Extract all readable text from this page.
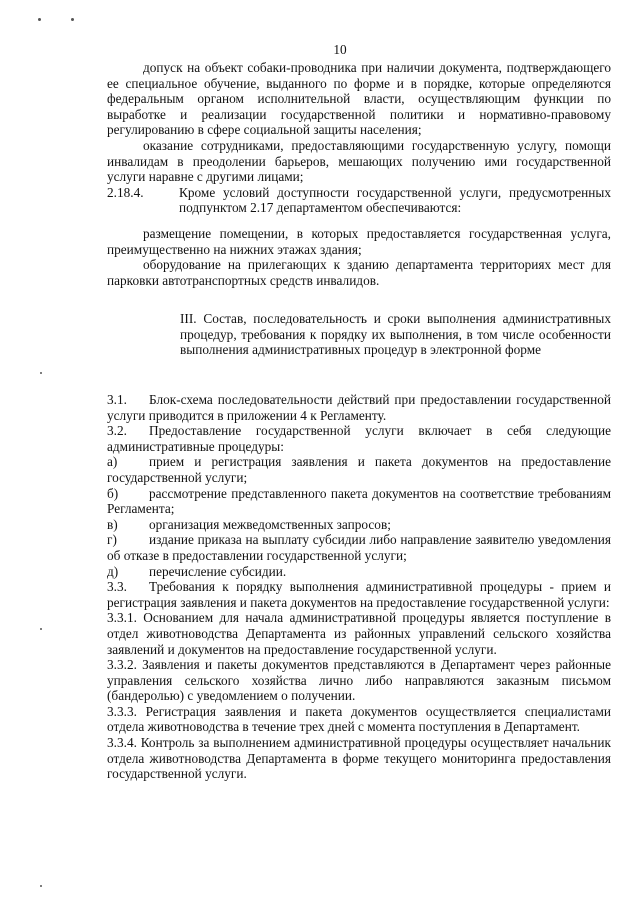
10

допуск на объект собаки-проводника при наличии документа, подтверждающего ее специальное обучение, выданного по форме и в порядке, которые определяются федеральным органом исполнительной власти, осуществляющим функции по выработке и реализации государственной политики и нормативно-правовому регулированию в сфере социальной защиты населения;

оказание сотрудниками, предоставляющими государственную услугу, помощи инвалидам в преодолении барьеров, мешающих получению ими государственной услуги наравне с другими лицами;

2.18.4.	Кроме условий доступности государственной услуги, предусмотренных подпунктом 2.17 департаментом обеспечиваются:

размещение помещении, в которых предоставляется государственная услуга, преимущественно на нижних этажах здания;

оборудование на прилегающих к зданию департамента территориях мест для парковки автотранспортных средств инвалидов.

III. Состав, последовательность и сроки выполнения административных процедур, требования к порядку их выполнения, в том числе особенности выполнения административных процедур в электронной форме

3.1. Блок-схема последовательности действий при предоставлении государственной услуги приводится в приложении 4 к Регламенту.

3.2. Предоставление государственной услуги включает в себя следующие административные процедуры:

а) прием и регистрация заявления и пакета документов на предоставление государственной услуги;

б) рассмотрение представленного пакета документов на соответствие требованиям Регламента;

в) организация межведомственных запросов;

г) издание приказа на выплату субсидии либо направление заявителю уведомления об отказе в предоставлении государственной услуги;

д) перечисление субсидии.

3.3. Требования к порядку выполнения административной процедуры - прием и регистрация заявления и пакета документов на предоставление государственной услуги:

3.3.1. Основанием для начала административной процедуры является поступление в отдел животноводства Департамента из районных управлений сельского хозяйства заявлений и документов на предоставление государственной услуги.

3.3.2. Заявления и пакеты документов представляются в Департамент через районные управления сельского хозяйства лично либо направляются заказным письмом (бандеролью) с уведомлением о получении.

3.3.3. Регистрация заявления и пакета документов осуществляется специалистами отдела животноводства в течение трех дней с момента поступления в Департамент.

3.3.4. Контроль за выполнением административной процедуры осуществляет начальник отдела животноводства Департамента в форме текущего мониторинга предоставления государственной услуги.
